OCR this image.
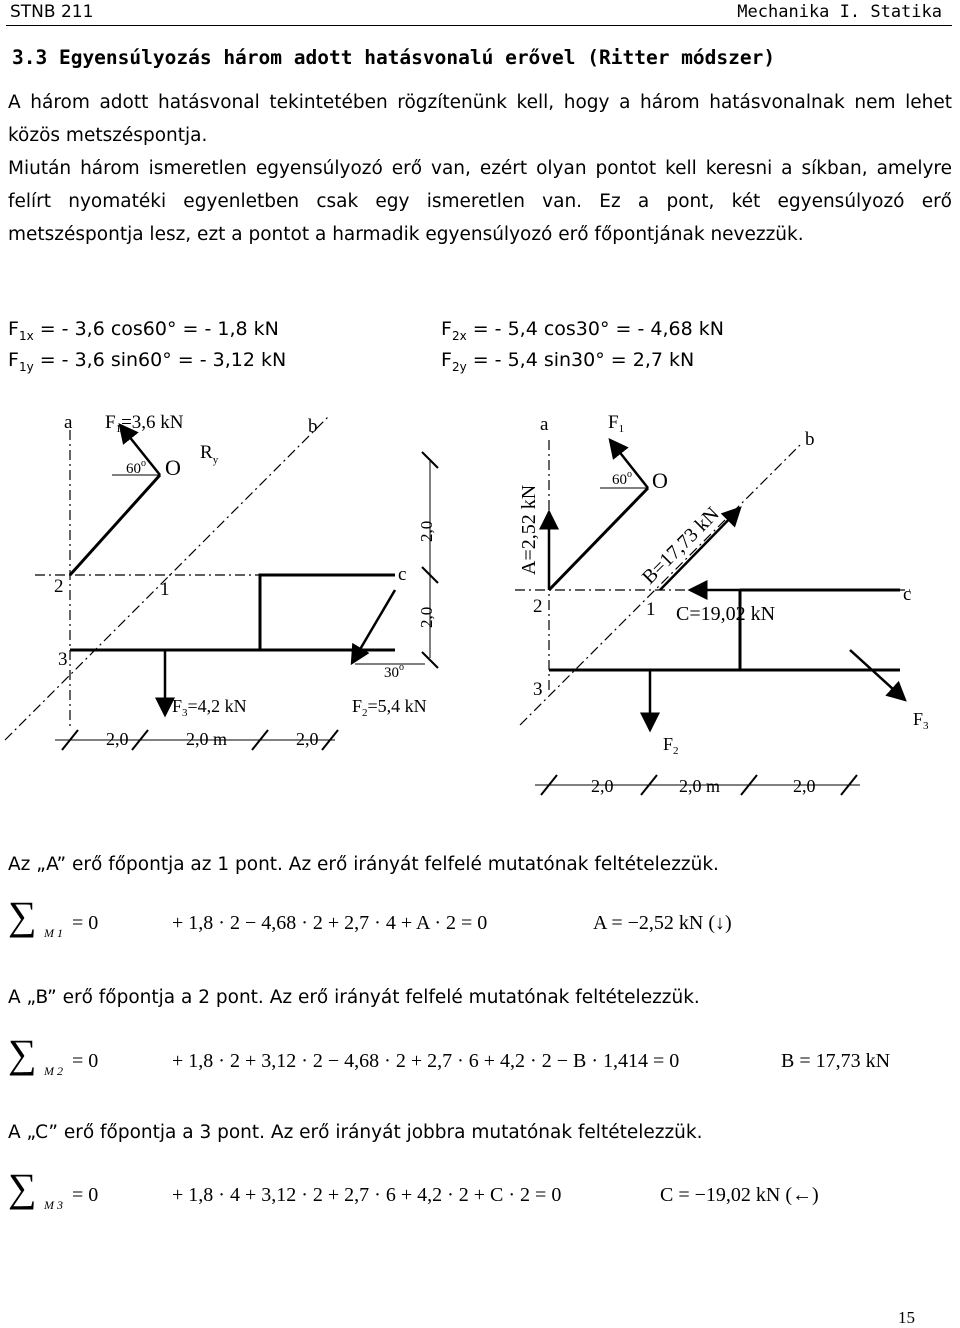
STNB 211	Mechanika I. Statika
3.3 Egyensúlyozás három adott hatásvonalú erővel (Ritter módszer)
A három adott hatásvonal tekintetében rögzítenünk kell, hogy a három hatásvonalnak nem lehet közös metszéspontja.
Miután három ismeretlen egyensúlyozó erő van, ezért olyan pontot kell keresni a síkban, amelyre felírt nyomatéki egyenletben csak egy ismeretlen van. Ez a pont, két egyensúlyozó erő metszéspontja lesz, ezt a pontot a harmadik egyensúlyozó erő főpontjának nevezzük.
$F_{1x}$ = - 3,6 cos60° = - 1,8 kN
$F_{1y}$ = - 3,6 sin60° = - 3,12 kN
$F_{2x}$ = - 5,4 cos30° = - 4,68 kN
$F_{2y}$ = - 5,4 sin30° = 2,7 kN
a	b
c
$F_1=3,6$ kN
$R_y$
60$^o$ O
1
2
3
$F_3=4,2$ kN	$F_2=5,4$ kN
30$^o$
2,0
2,0
2,0	2,0 m	2,0
a
b
c
$F_1$
60$^o$ O
A=2,52 kN	B=17,73 kN
C=19,02 kN
1
2
3
$F_2$
$F_3$
2,0	2,0 m	2,0
Az „A” erő főpontja az 1 pont. Az erő irányát felfelé mutatónak feltételezzük.
∑ M 1 = 0	+ 1,8 · 2 − 4,68 · 2 + 2,7 · 4 + A · 2 = 0	A = −2,52 kN (↓)
A „B” erő főpontja a 2 pont. Az erő irányát felfelé mutatónak feltételezzük.
∑ M 2 = 0	+ 1,8 · 2 + 3,12 · 2 − 4,68 · 2 + 2,7 · 6 + 4,2 · 2 − B · 1,414 = 0	B = 17,73 kN
A „C” erő főpontja a 3 pont. Az erő irányát jobbra mutatónak feltételezzük.
∑ M 3 = 0	+ 1,8 · 4 + 3,12 · 2 + 2,7 · 6 + 4,2 · 2 + C · 2 = 0	C = −19,02 kN (←)
15
